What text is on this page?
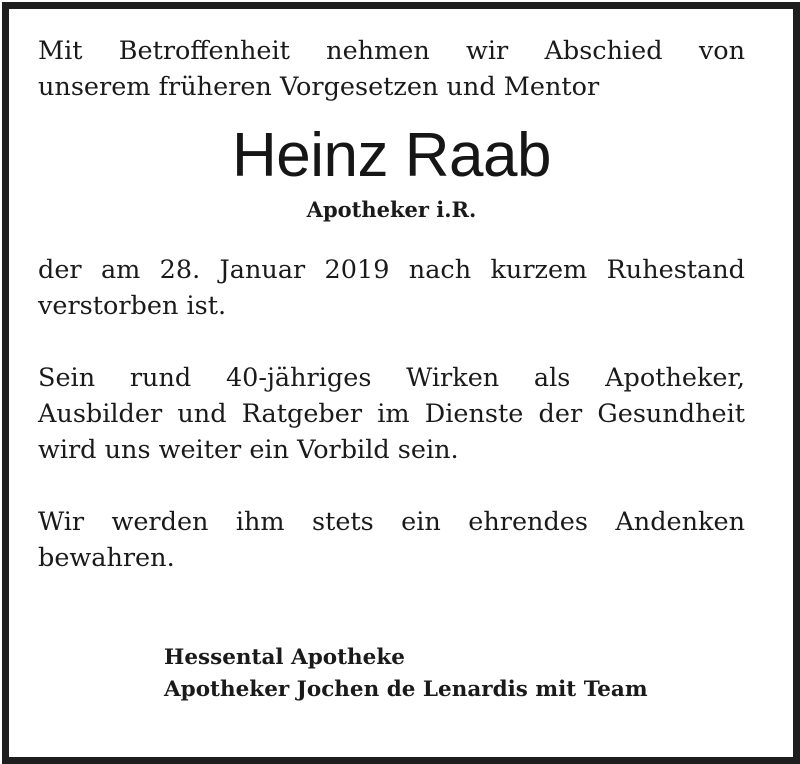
Mit Betroffenheit nehmen wir Abschied von
unserem früheren Vorgesetzen und Mentor

Heinz Raab
Apotheker i.R.

der am 28. Januar 2019 nach kurzem Ruhestand
verstorben ist.

Sein rund 40-jähriges Wirken als Apotheker,
Ausbilder und Ratgeber im Dienste der Gesundheit
wird uns weiter ein Vorbild sein.

Wir werden ihm stets ein ehrendes Andenken
bewahren.

Hessental Apotheke
Apotheker Jochen de Lenardis mit Team
